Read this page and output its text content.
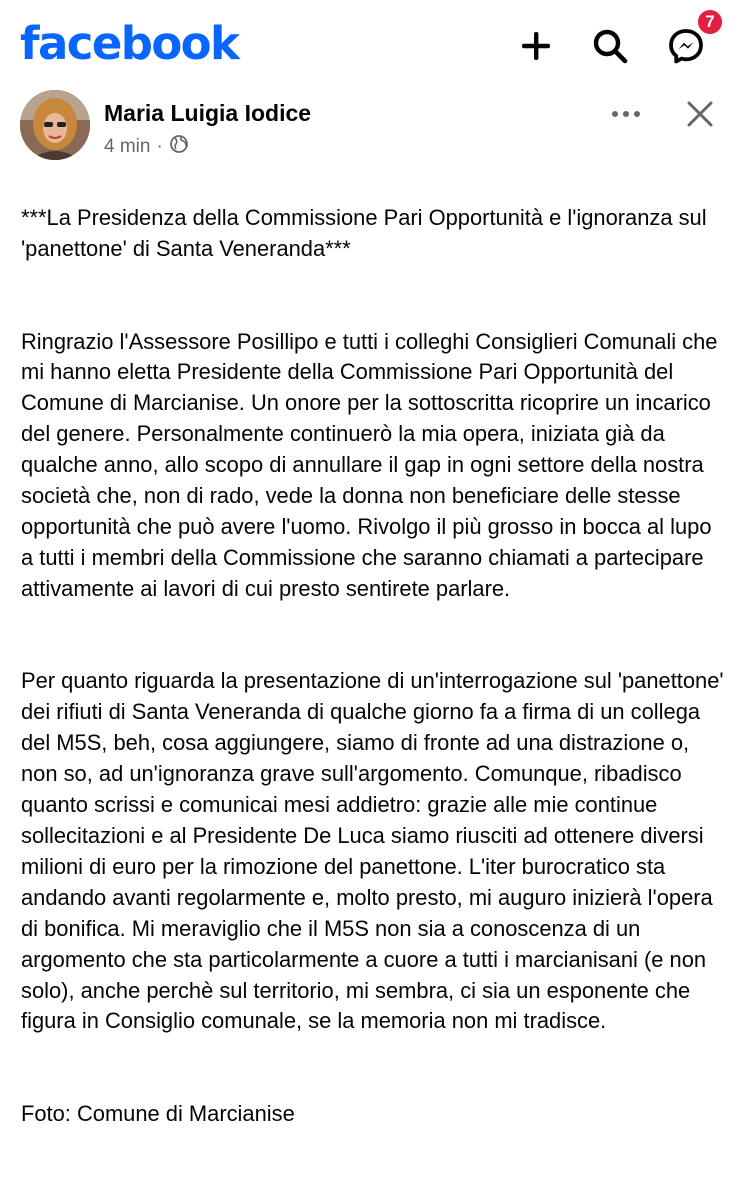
facebook	7
Maria Luigia Iodice
4 min ·

***La Presidenza della Commissione Pari Opportunità e l'ignoranza sul 'panettone' di Santa Veneranda***

Ringrazio l'Assessore Posillipo e tutti i colleghi Consiglieri Comunali che mi hanno eletta Presidente della Commissione Pari Opportunità del Comune di Marcianise. Un onore per la sottoscritta ricoprire un incarico del genere. Personalmente continuerò la mia opera, iniziata già da qualche anno, allo scopo di annullare il gap in ogni settore della nostra società che, non di rado, vede la donna non beneficiare delle stesse opportunità che può avere l'uomo. Rivolgo il più grosso in bocca al lupo a tutti i membri della Commissione che saranno chiamati a partecipare attivamente ai lavori di cui presto sentirete parlare.

Per quanto riguarda la presentazione di un'interrogazione sul 'panettone' dei rifiuti di Santa Veneranda di qualche giorno fa a firma di un collega del M5S, beh, cosa aggiungere, siamo di fronte ad una distrazione o, non so, ad un'ignoranza grave sull'argomento. Comunque, ribadisco quanto scrissi e comunicai mesi addietro: grazie alle mie continue sollecitazioni e al Presidente De Luca siamo riusciti ad ottenere diversi milioni di euro per la rimozione del panettone. L'iter burocratico sta andando avanti regolarmente e, molto presto, mi auguro inizierà l'opera di bonifica. Mi meraviglio che il M5S non sia a conoscenza di un argomento che sta particolarmente a cuore a tutti i marcianisani (e non solo), anche perchè sul territorio, mi sembra, ci sia un esponente che figura in Consiglio comunale, se la memoria non mi tradisce.

Foto: Comune di Marcianise
